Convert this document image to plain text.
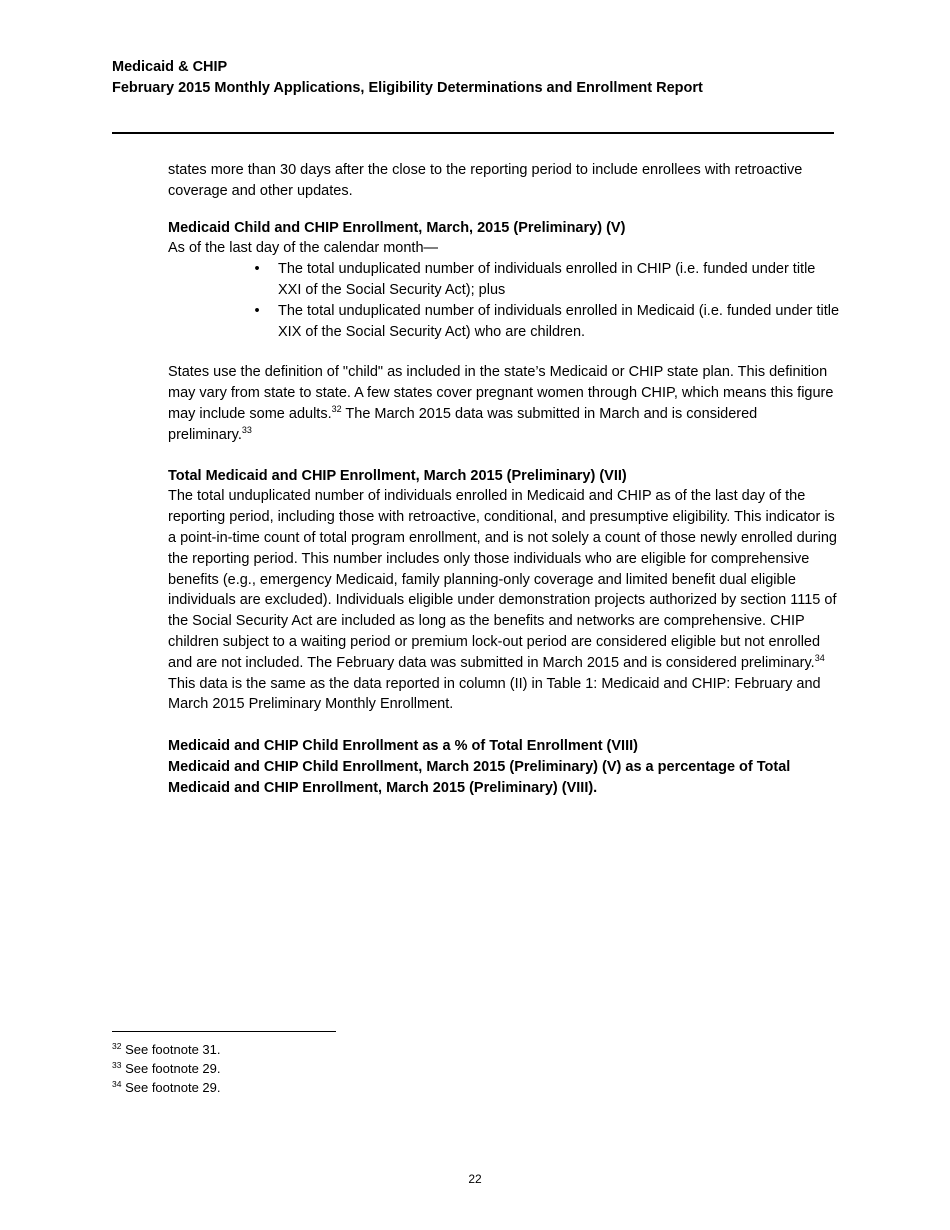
Medicaid & CHIP
February 2015 Monthly Applications, Eligibility Determinations and Enrollment Report

states more than 30 days after the close to the reporting period to include enrollees with retroactive coverage and other updates.

Medicaid Child and CHIP Enrollment, March, 2015 (Preliminary) (V)

As of the last day of the calendar month—

• The total unduplicated number of individuals enrolled in CHIP (i.e. funded under title XXI of the Social Security Act); plus
• The total unduplicated number of individuals enrolled in Medicaid (i.e. funded under title XIX of the Social Security Act) who are children.

States use the definition of "child" as included in the state’s Medicaid or CHIP state plan. This definition may vary from state to state. A few states cover pregnant women through CHIP, which means this figure may include some adults.$^{32}$ The March 2015 data was submitted in March and is considered preliminary.$^{33}$

Total Medicaid and CHIP Enrollment, March 2015 (Preliminary) (VII)

The total unduplicated number of individuals enrolled in Medicaid and CHIP as of the last day of the reporting period, including those with retroactive, conditional, and presumptive eligibility. This indicator is a point-in-time count of total program enrollment, and is not solely a count of those newly enrolled during the reporting period. This number includes only those individuals who are eligible for comprehensive benefits (e.g., emergency Medicaid, family planning-only coverage and limited benefit dual eligible individuals are excluded). Individuals eligible under demonstration projects authorized by section 1115 of the Social Security Act are included as long as the benefits and networks are comprehensive. CHIP children subject to a waiting period or premium lock-out period are considered eligible but not enrolled and are not included. The February data was submitted in March 2015 and is considered preliminary.$^{34}$ This data is the same as the data reported in column (II) in Table 1: Medicaid and CHIP: February and March 2015 Preliminary Monthly Enrollment.

Medicaid and CHIP Child Enrollment as a % of Total Enrollment (VIII)

Medicaid and CHIP Child Enrollment, March 2015 (Preliminary) (V) as a percentage of Total Medicaid and CHIP Enrollment, March 2015 (Preliminary) (VIII).

$^{32}$ See footnote 31.
$^{33}$ See footnote 29.
$^{34}$ See footnote 29.
22
